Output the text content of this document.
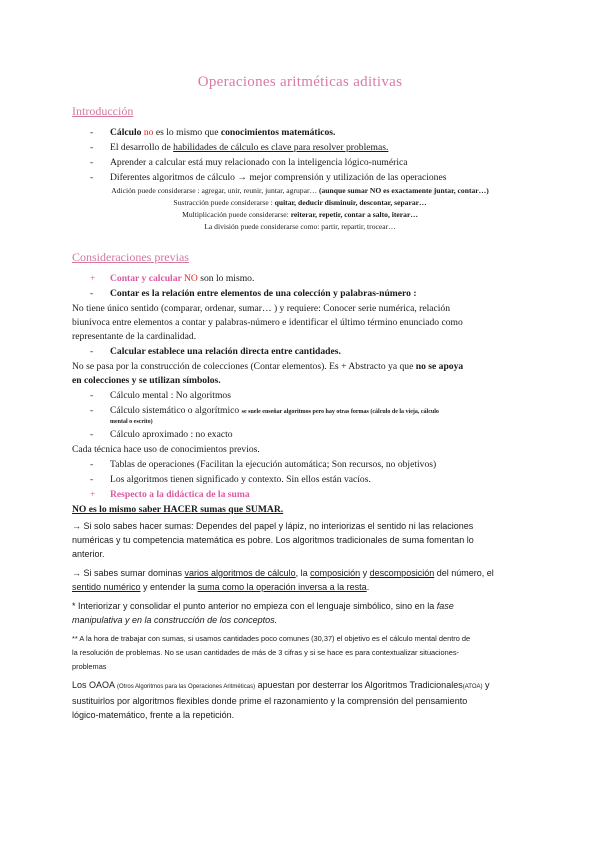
Operaciones aritméticas aditivas
Introducción
- Cálculo no es lo mismo que conocimientos matemáticos.
- El desarrollo de habilidades de cálculo es clave para resolver problemas.
- Aprender a calcular está muy relacionado con la inteligencia lógico-numérica
- Diferentes algoritmos de cálculo → mejor comprensión y utilización de las operaciones
Adición puede considerarse : agregar, unir, reunir, juntar, agrupar… (aunque sumar NO es exactamente juntar, contar…)
Sustracción puede considerarse : quitar, deducir disminuir, descontar, separar…
Multiplicación puede considerarse: reiterar, repetir, contar a salto, iterar…
La división puede considerarse como: partir, repartir, trocear…
Consideraciones previas
+ Contar y calcular NO son lo mismo.
- Contar es la relación entre elementos de una colección y palabras-número :
No tiene único sentido (comparar, ordenar, sumar… ) y requiere: Conocer serie numérica, relación
biunívoca entre elementos a contar y palabras-número e identificar el último término enunciado como
representante de la cardinalidad.
- Calcular establece una relación directa entre cantidades.
No se pasa por la construcción de colecciones (Contar elementos). Es + Abstracto ya que no se apoya
en colecciones y se utilizan símbolos.
- Cálculo mental : No algoritmos
- Cálculo sistemático o algorítmico se suele enseñar algoritmos pero hay otras formas (cálculo de la vieja, cálculo
mental o escrito)
- Cálculo aproximado : no exacto
Cada técnica hace uso de conocimientos previos.
- Tablas de operaciones (Facilitan la ejecución automática; Son recursos, no objetivos)
- Los algoritmos tienen significado y contexto. Sin ellos están vacíos.
+ Respecto a la didáctica de la suma
NO es lo mismo saber HACER sumas que SUMAR.
→ Si solo sabes hacer sumas: Dependes del papel y lápiz, no interiorizas el sentido ni las relaciones
numéricas y tu competencia matemática es pobre. Los algoritmos tradicionales de suma fomentan lo
anterior.
→ Si sabes sumar dominas varios algoritmos de cálculo, la composición y descomposición del número, el
sentido numérico y entender la suma como la operación inversa a la resta.
* Interiorizar y consolidar el punto anterior no empieza con el lenguaje simbólico, sino en la fase
manipulativa y en la construcción de los conceptos.
** A la hora de trabajar con sumas, si usamos cantidades poco comunes (30,37) el objetivo es el cálculo mental dentro de
la resolución de problemas. No se usan cantidades de más de 3 cifras y si se hace es para contextualizar situaciones-
problemas
Los OAOA (Otros Algoritmos para las Operaciones Aritméticas) apuestan por desterrar los Algoritmos Tradicionales(ATOA) y
sustituirlos por algoritmos flexibles donde prime el razonamiento y la comprensión del pensamiento
lógico-matemático, frente a la repetición.
